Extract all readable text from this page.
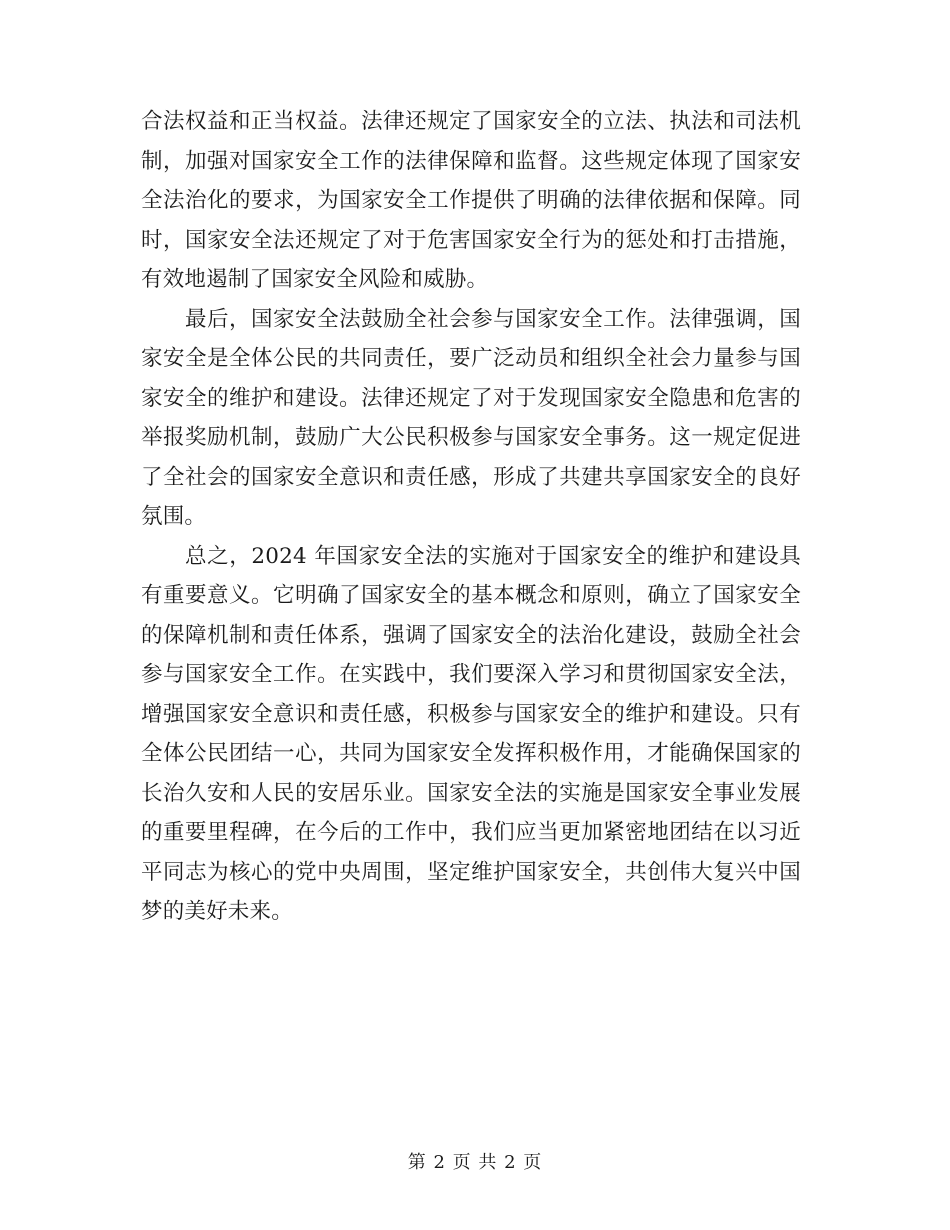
合法权益和正当权益。法律还规定了国家安全的立法、执法和司法机制，加强对国家安全工作的法律保障和监督。这些规定体现了国家安全法治化的要求，为国家安全工作提供了明确的法律依据和保障。同时，国家安全法还规定了对于危害国家安全行为的惩处和打击措施，有效地遏制了国家安全风险和威胁。

最后，国家安全法鼓励全社会参与国家安全工作。法律强调，国家安全是全体公民的共同责任，要广泛动员和组织全社会力量参与国家安全的维护和建设。法律还规定了对于发现国家安全隐患和危害的举报奖励机制，鼓励广大公民积极参与国家安全事务。这一规定促进了全社会的国家安全意识和责任感，形成了共建共享国家安全的良好氛围。

总之，2024 年国家安全法的实施对于国家安全的维护和建设具有重要意义。它明确了国家安全的基本概念和原则，确立了国家安全的保障机制和责任体系，强调了国家安全的法治化建设，鼓励全社会参与国家安全工作。在实践中，我们要深入学习和贯彻国家安全法，增强国家安全意识和责任感，积极参与国家安全的维护和建设。只有全体公民团结一心，共同为国家安全发挥积极作用，才能确保国家的长治久安和人民的安居乐业。国家安全法的实施是国家安全事业发展的重要里程碑，在今后的工作中，我们应当更加紧密地团结在以习近平同志为核心的党中央周围，坚定维护国家安全，共创伟大复兴中国梦的美好未来。

第 2 页 共 2 页
